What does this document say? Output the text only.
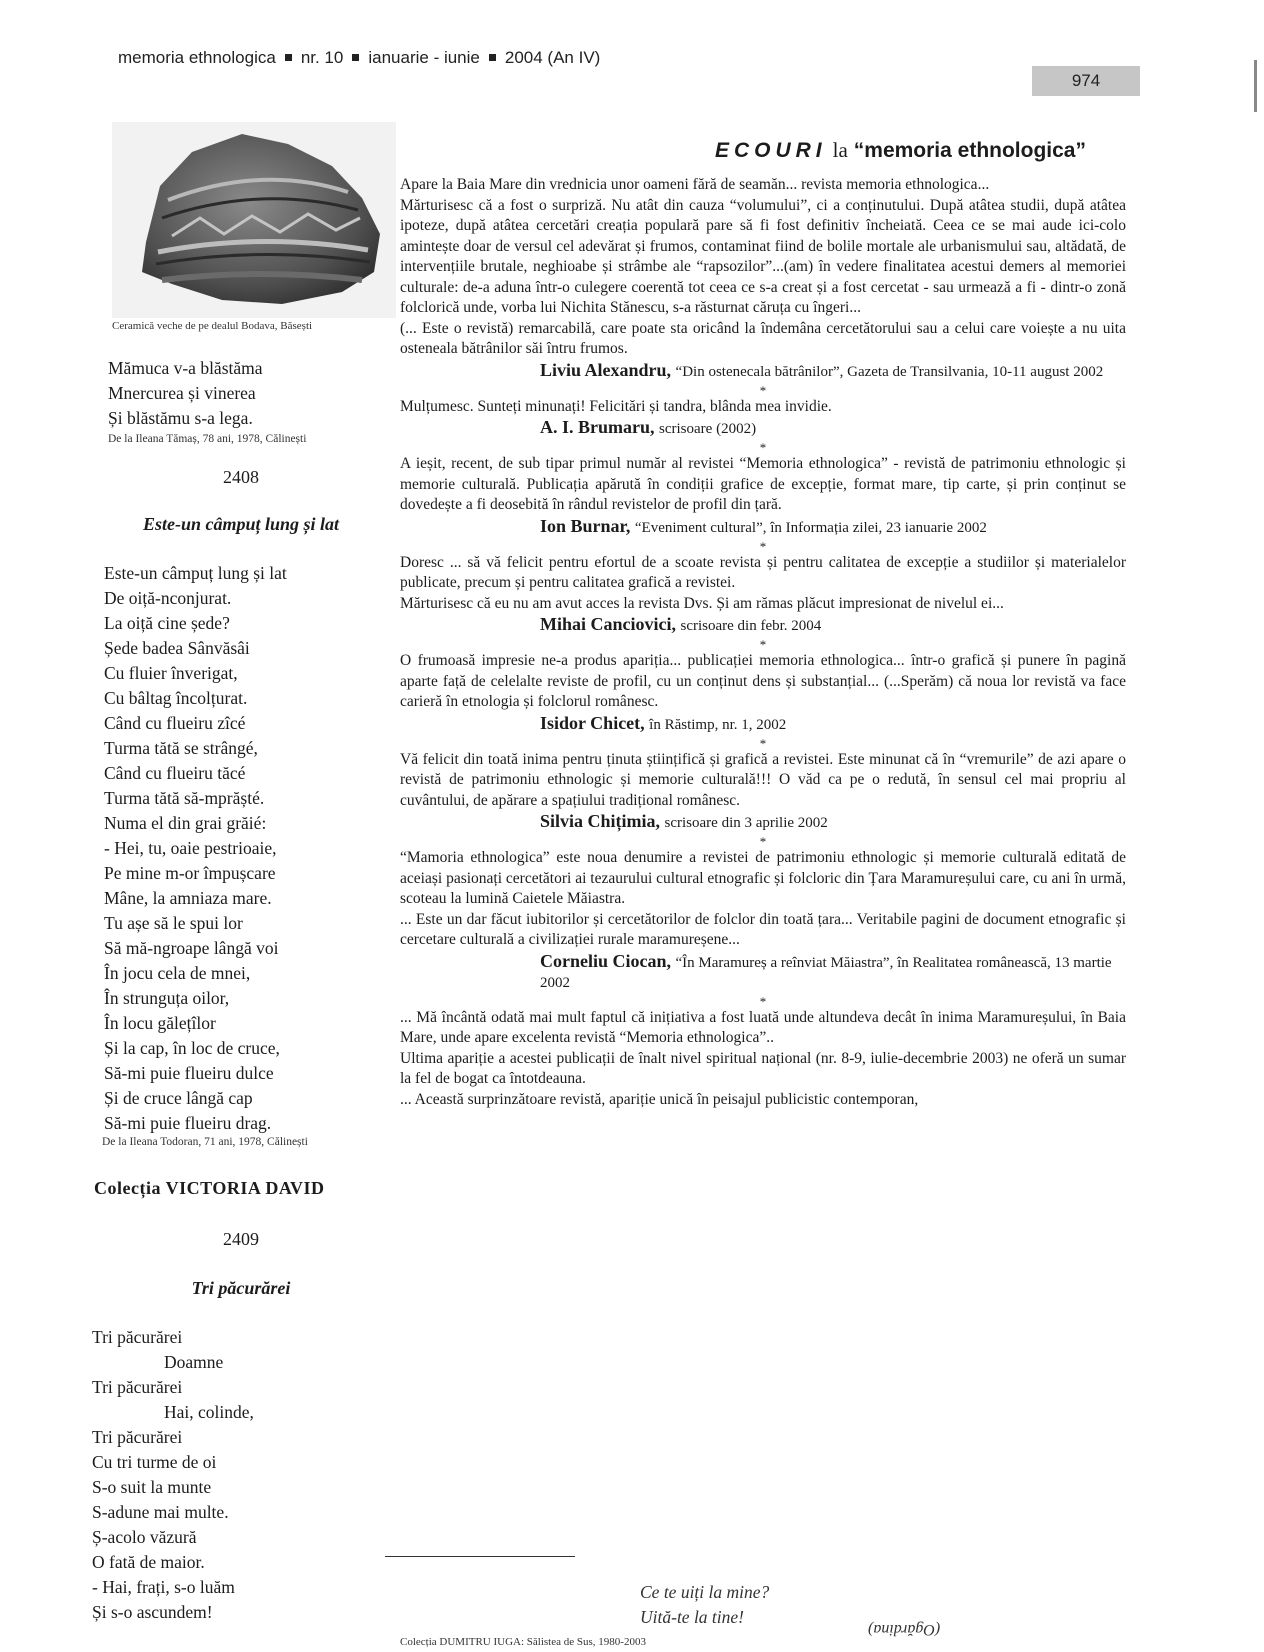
memoria ethnologica nr. 10 ianuarie - iunie 2004 (An IV)
974
Ceramică veche de pe dealul Bodava, Băsești
Mămuca v-a blăstăma
Mnercurea și vinerea
Și blăstămu s-a lega.
De la Ileana Tămaș, 78 ani, 1978, Călinești
2408
Este-un câmpuț lung și lat
Este-un câmpuț lung și lat
De oiță-nconjurat.
La oiță cine șede?
Șede badea Sânvăsâi
Cu fluier înverigat,
Cu bâltag încolțurat.
Când cu flueiru zîcé
Turma tătă se strângé,
Când cu flueiru tăcé
Turma tătă să-mprășté.
Numa el din grai grăié:
- Hei, tu, oaie pestrioaie,
Pe mine m-or împușcare
Mâne, la amniaza mare.
Tu așe să le spui lor
Să mă-ngroape lângă voi
În jocu cela de mnei,
În strunguța oilor,
În locu gălețîlor
Și la cap, în loc de cruce,
Să-mi puie flueiru dulce
Și de cruce lângă cap
Să-mi puie flueiru drag.
De la Ileana Todoran, 71 ani, 1978, Călinești
Colecția VICTORIA DAVID
2409
Tri păcurărei
Tri păcurărei
Doamne
Tri păcurărei
Hai, colinde,
Tri păcurărei
Cu tri turme de oi
S-o suit la munte
S-adune mai multe.
Ș-acolo văzură
O fată de maior.
- Hai, frați, s-o luăm
Și s-o ascundem!
ECOURI la “memoria ethnologica”
Apare la Baia Mare din vrednicia unor oameni fără de seamăn... revista memoria ethnologica...
Mărturisesc că a fost o surpriză. Nu atât din cauza “volumului”, ci a conținutului. După atâtea studii, după atâtea ipoteze, după atâtea cercetări creația populară pare să fi fost definitiv încheiată. Ceea ce se mai aude ici-colo amintește doar de versul cel adevărat și frumos, contaminat fiind de bolile mortale ale urbanismului sau, altădată, de intervențiile brutale, neghioabe și strâmbe ale “rapsozilor”...(am) în vedere finalitatea acestui demers al memoriei culturale: de-a aduna într-o culegere coerentă tot ceea ce s-a creat și a fost cercetat - sau urmează a fi - dintr-o zonă folclorică unde, vorba lui Nichita Stănescu, s-a răsturnat căruța cu îngeri...
(... Este o revistă) remarcabilă, care poate sta oricând la îndemâna cercetătorului sau a celui care voiește a nu uita osteneala bătrânilor săi întru frumos.
Liviu Alexandru, “Din ostenecala bătrânilor”, Gazeta de Transilvania, 10-11 august 2002
*
Mulțumesc. Sunteți minunați! Felicitări și tandra, blânda mea invidie.
A. I. Brumaru, scrisoare (2002)
*
A ieșit, recent, de sub tipar primul număr al revistei “Memoria ethnologica” - revistă de patrimoniu ethnologic și memorie culturală. Publicația apărută în condiții grafice de excepție, format mare, tip carte, și prin conținut se dovedește a fi deosebită în rândul revistelor de profil din țară.
Ion Burnar, “Eveniment cultural”, în Informația zilei, 23 ianuarie 2002
*
Doresc ... să vă felicit pentru efortul de a scoate revista și pentru calitatea de excepție a studiilor și materialelor publicate, precum și pentru calitatea grafică a revistei.
Mărturisesc că eu nu am avut acces la revista Dvs. Și am rămas plăcut impresionat de nivelul ei...
Mihai Canciovici, scrisoare din febr. 2004
*
O frumoasă impresie ne-a produs apariția... publicației memoria ethnologica... într-o grafică și punere în pagină aparte față de celelalte reviste de profil, cu un conținut dens și substanțial... (...Sperăm) că noua lor revistă va face carieră în etnologia și folclorul românesc.
Isidor Chicet, în Răstimp, nr. 1, 2002
*
Vă felicit din toată inima pentru ținuta științifică și grafică a revistei. Este minunat că în “vremurile” de azi apare o revistă de patrimoniu ethnologic și memorie culturală!!! O văd ca pe o redută, în sensul cel mai propriu al cuvântului, de apărare a spațiului tradițional românesc.
Silvia Chițimia, scrisoare din 3 aprilie 2002
*
“Mamoria ethnologica” este noua denumire a revistei de patrimoniu ethnologic și memorie culturală editată de aceiași pasionați cercetători ai tezaurului cultural etnografic și folcloric din Țara Maramureșului care, cu ani în urmă, scoteau la lumină Caietele Măiastra.
... Este un dar făcut iubitorilor și cercetătorilor de folclor din toată țara... Veritabile pagini de document etnografic și cercetare culturală a civilizației rurale maramureșene...
Corneliu Ciocan, “În Maramureș a reînviat Măiastra”, în Realitatea românească, 13 martie 2002
*
... Mă încântă odată mai mult faptul că inițiativa a fost luată unde altundeva decât în inima Maramureșului, în Baia Mare, unde apare excelenta revistă “Memoria ethnologica”..
Ultima apariție a acestei publicații de înalt nivel spiritual național (nr. 8-9, iulie-decembrie 2003) ne oferă un sumar la fel de bogat ca întotdeauna.
... Această surprinzătoare revistă, apariție unică în peisajul publicistic contemporan,
Ce te uiți la mine?
Uită-te la tine!
(Ogărdina)
Colecția DUMITRU IUGA: Sălistea de Sus, 1980-2003
